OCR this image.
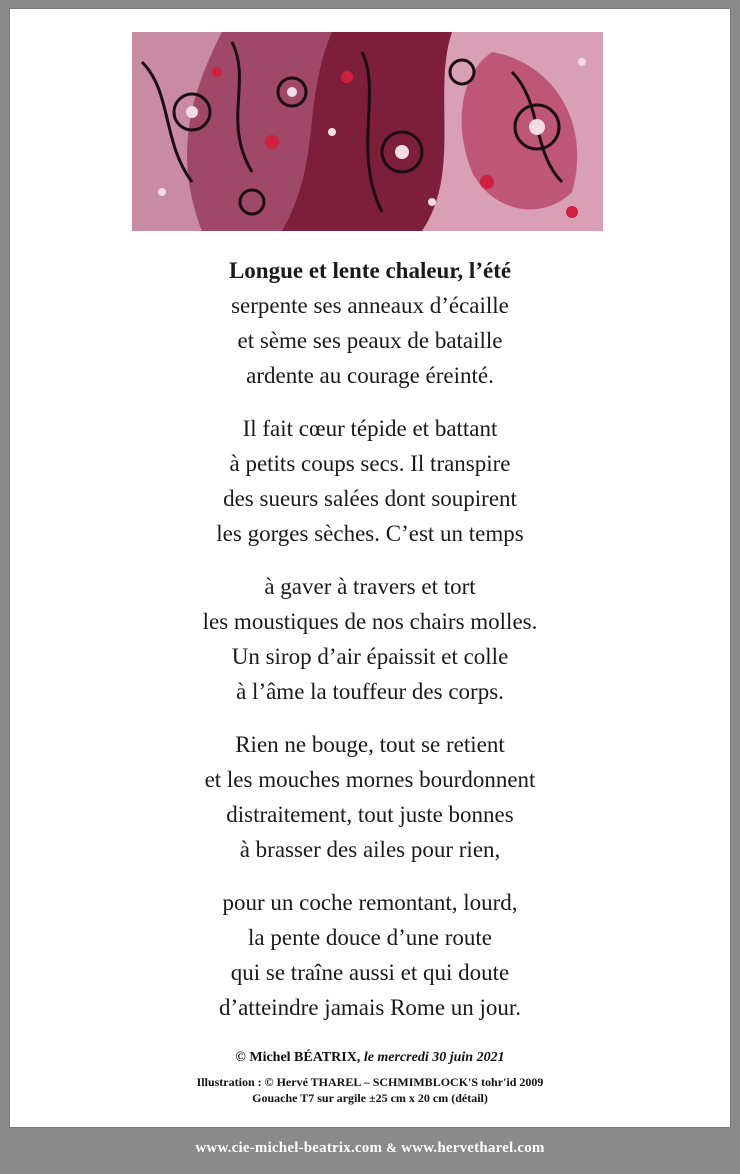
Longue et lente chaleur, l’été
serpente ses anneaux d’écaille
et sème ses peaux de bataille
ardente au courage éreinté.
Il fait cœur tépide et battant
à petits coups secs. Il transpire
des sueurs salées dont soupirent
les gorges sèches. C’est un temps
à gaver à travers et tort
les moustiques de nos chairs molles.
Un sirop d’air épaissit et colle
à l’âme la touffeur des corps.
Rien ne bouge, tout se retient
et les mouches mornes bourdonnent
distraitement, tout juste bonnes
à brasser des ailes pour rien,
pour un coche remontant, lourd,
la pente douce d’une route
qui se traîne aussi et qui doute
d’atteindre jamais Rome un jour.
© Michel BÉATRIX, le mercredi 30 juin 2021
Illustration : © Hervé THAREL – SCHMIMBLOCK'S tohr'id 2009
Gouache T7 sur argile ±25 cm x 20 cm (détail)
www.cie-michel-beatrix.com & www.hervetharel.com
